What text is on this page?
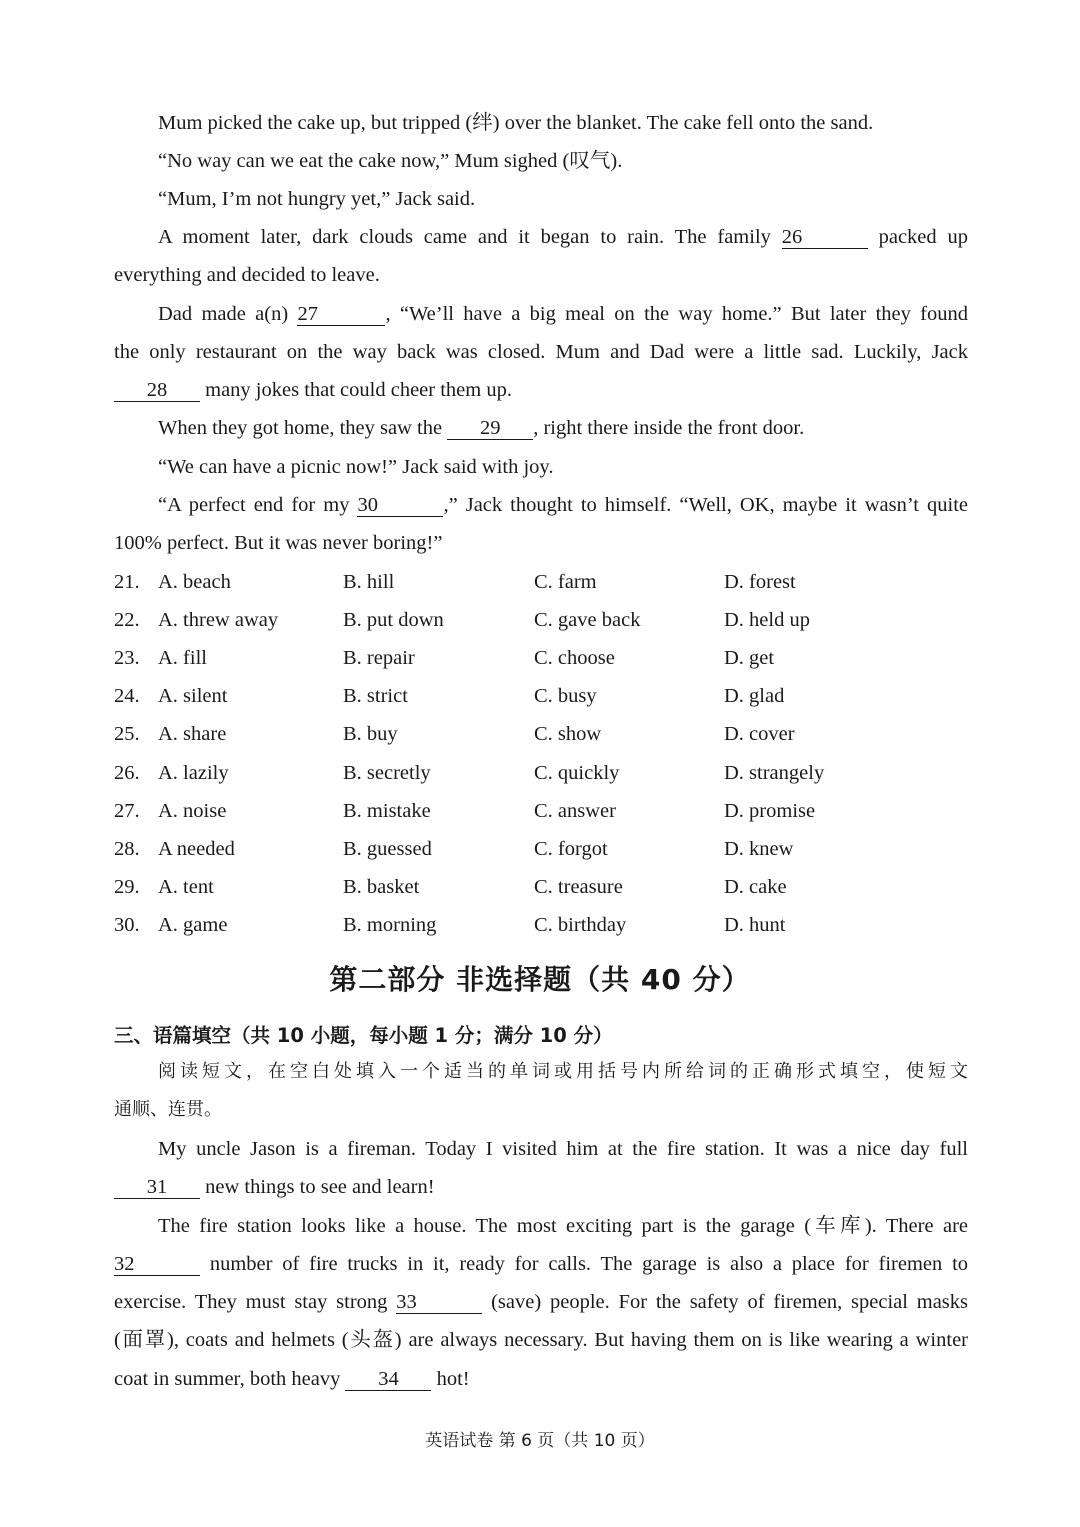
Mum picked the cake up, but tripped (绊) over the blanket. The cake fell onto the sand.
“No way can we eat the cake now,” Mum sighed (叹气).
“Mum, I’m not hungry yet,” Jack said.
A moment later, dark clouds came and it began to rain. The family 26	packed up
everything and decided to leave.
Dad made a(n) 27	, “We’ll have a big meal on the way home.” But later they found
the only restaurant on the way back was closed. Mum and Dad were a little sad. Luckily, Jack
28 many jokes that could cheer them up.
When they got home, they saw the 29 , right there inside the front door.
“We can have a picnic now!” Jack said with joy.
“A perfect end for my 30	,” Jack thought to himself. “Well, OK, maybe it wasn’t quite
100% perfect. But it was never boring!”
21. A. beach	B. hill	C. farm	D. forest
22. A. threw away	B. put down	C. gave back	D. held up
23. A. fill	B. repair	C. choose	D. get
24. A. silent	B. strict	C. busy	D. glad
25. A. share	B. buy	C. show	D. cover
26. A. lazily	B. secretly	C. quickly	D. strangely
27. A. noise	B. mistake	C. answer	D. promise
28. A needed	B. guessed	C. forgot	D. knew
29. A. tent	B. basket	C. treasure	D. cake
30. A. game	B. morning	C. birthday	D. hunt
第二部分 非选择题（共 40 分）
三、语篇填空（共 10 小题，每小题 1 分；满分 10 分）
阅读短文，在空白处填入一个适当的单词或用括号内所给词的正确形式填空，使短文
通顺、连贯。
My uncle Jason is a fireman. Today I visited him at the fire station. It was a nice day full
31 new things to see and learn!
The fire station looks like a house. The most exciting part is the garage (车库). There are
32	number of fire trucks in it, ready for calls. The garage is also a place for firemen to
exercise. They must stay strong 33	(save) people. For the safety of firemen, special masks
(面罩), coats and helmets (头盔) are always necessary. But having them on is like wearing a winter
coat in summer, both heavy 34 hot!
英语试卷 第 6 页（共 10 页）
